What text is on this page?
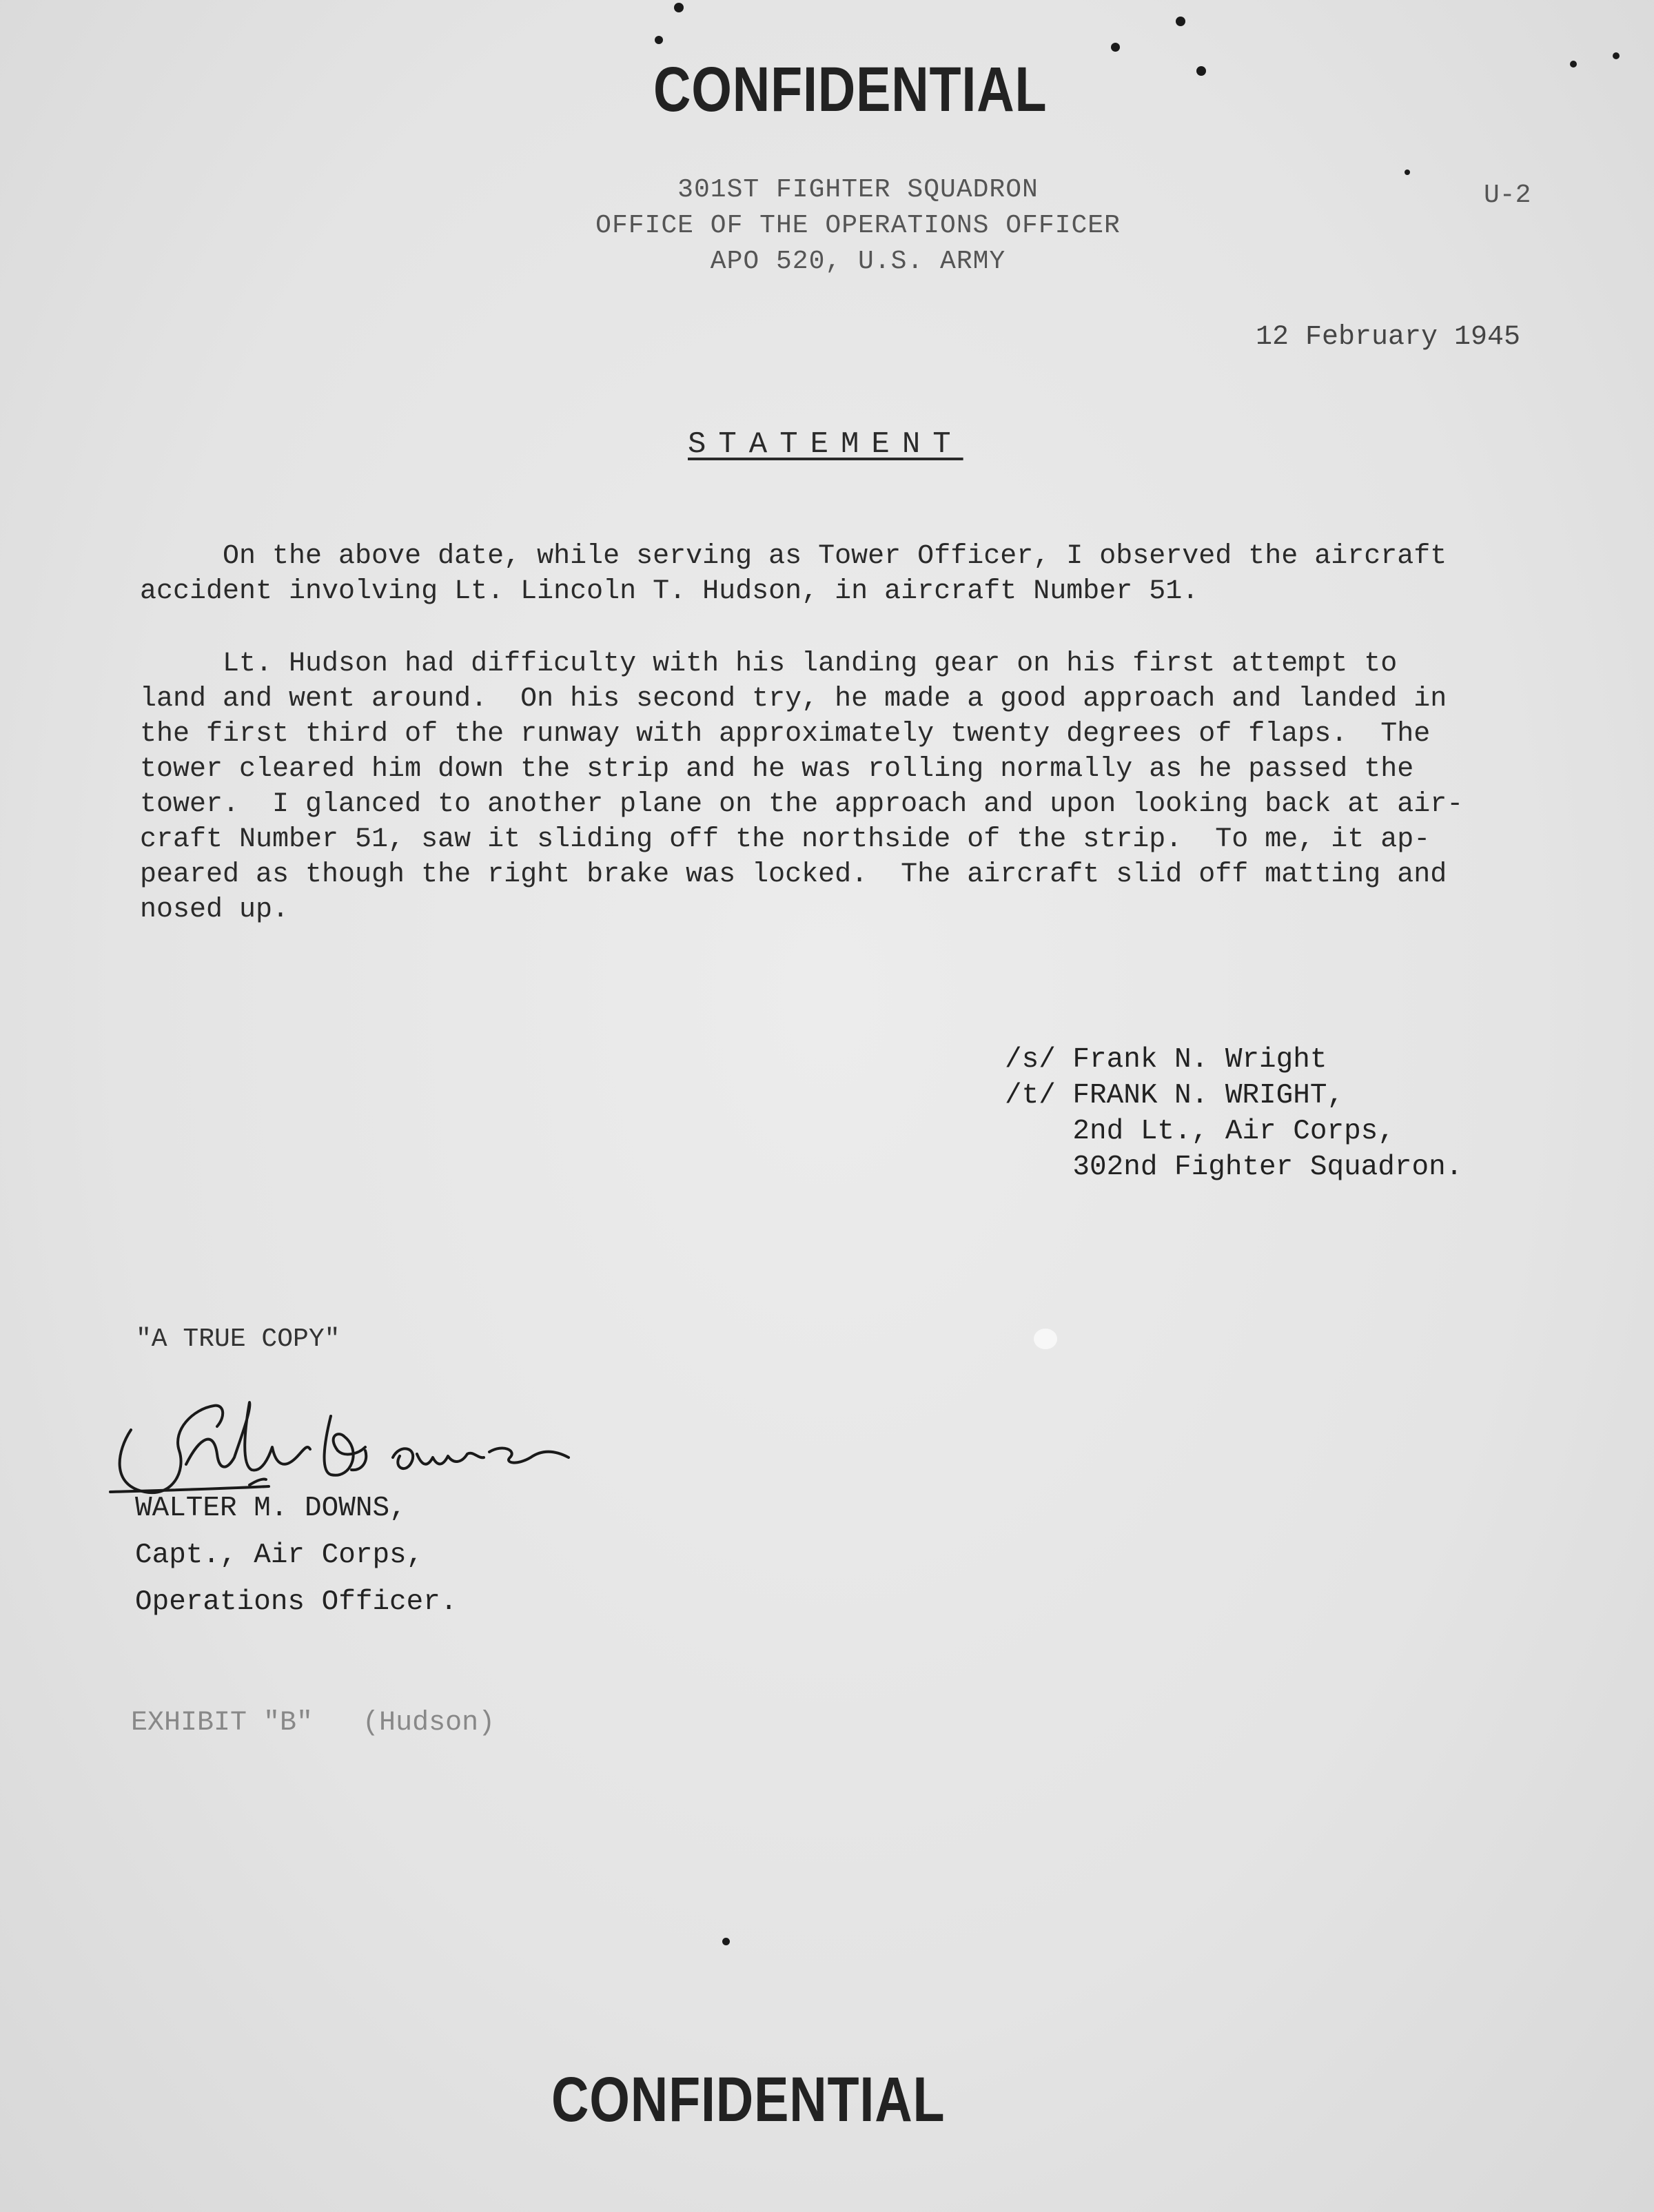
CONFIDENTIAL
301ST FIGHTER SQUADRON
OFFICE OF THE OPERATIONS OFFICER
APO 520, U.S. ARMY
U-2
12 February 1945
STATEMENT
On the above date, while serving as Tower Officer, I observed the aircraft
accident involving Lt. Lincoln T. Hudson, in aircraft Number 51.
Lt. Hudson had difficulty with his landing gear on his first attempt to
land and went around.  On his second try, he made a good approach and landed in
the first third of the runway with approximately twenty degrees of flaps.  The
tower cleared him down the strip and he was rolling normally as he passed the
tower.  I glanced to another plane on the approach and upon looking back at air-
craft Number 51, saw it sliding off the northside of the strip.  To me, it ap-
peared as though the right brake was locked.  The aircraft slid off matting and
nosed up.
/s/ Frank N. Wright
/t/ FRANK N. WRIGHT,
2nd Lt., Air Corps,
302nd Fighter Squadron.
"A TRUE COPY"
WALTER M. DOWNS,
Capt., Air Corps,
Operations Officer.
EXHIBIT "B"   (Hudson)
CONFIDENTIAL
